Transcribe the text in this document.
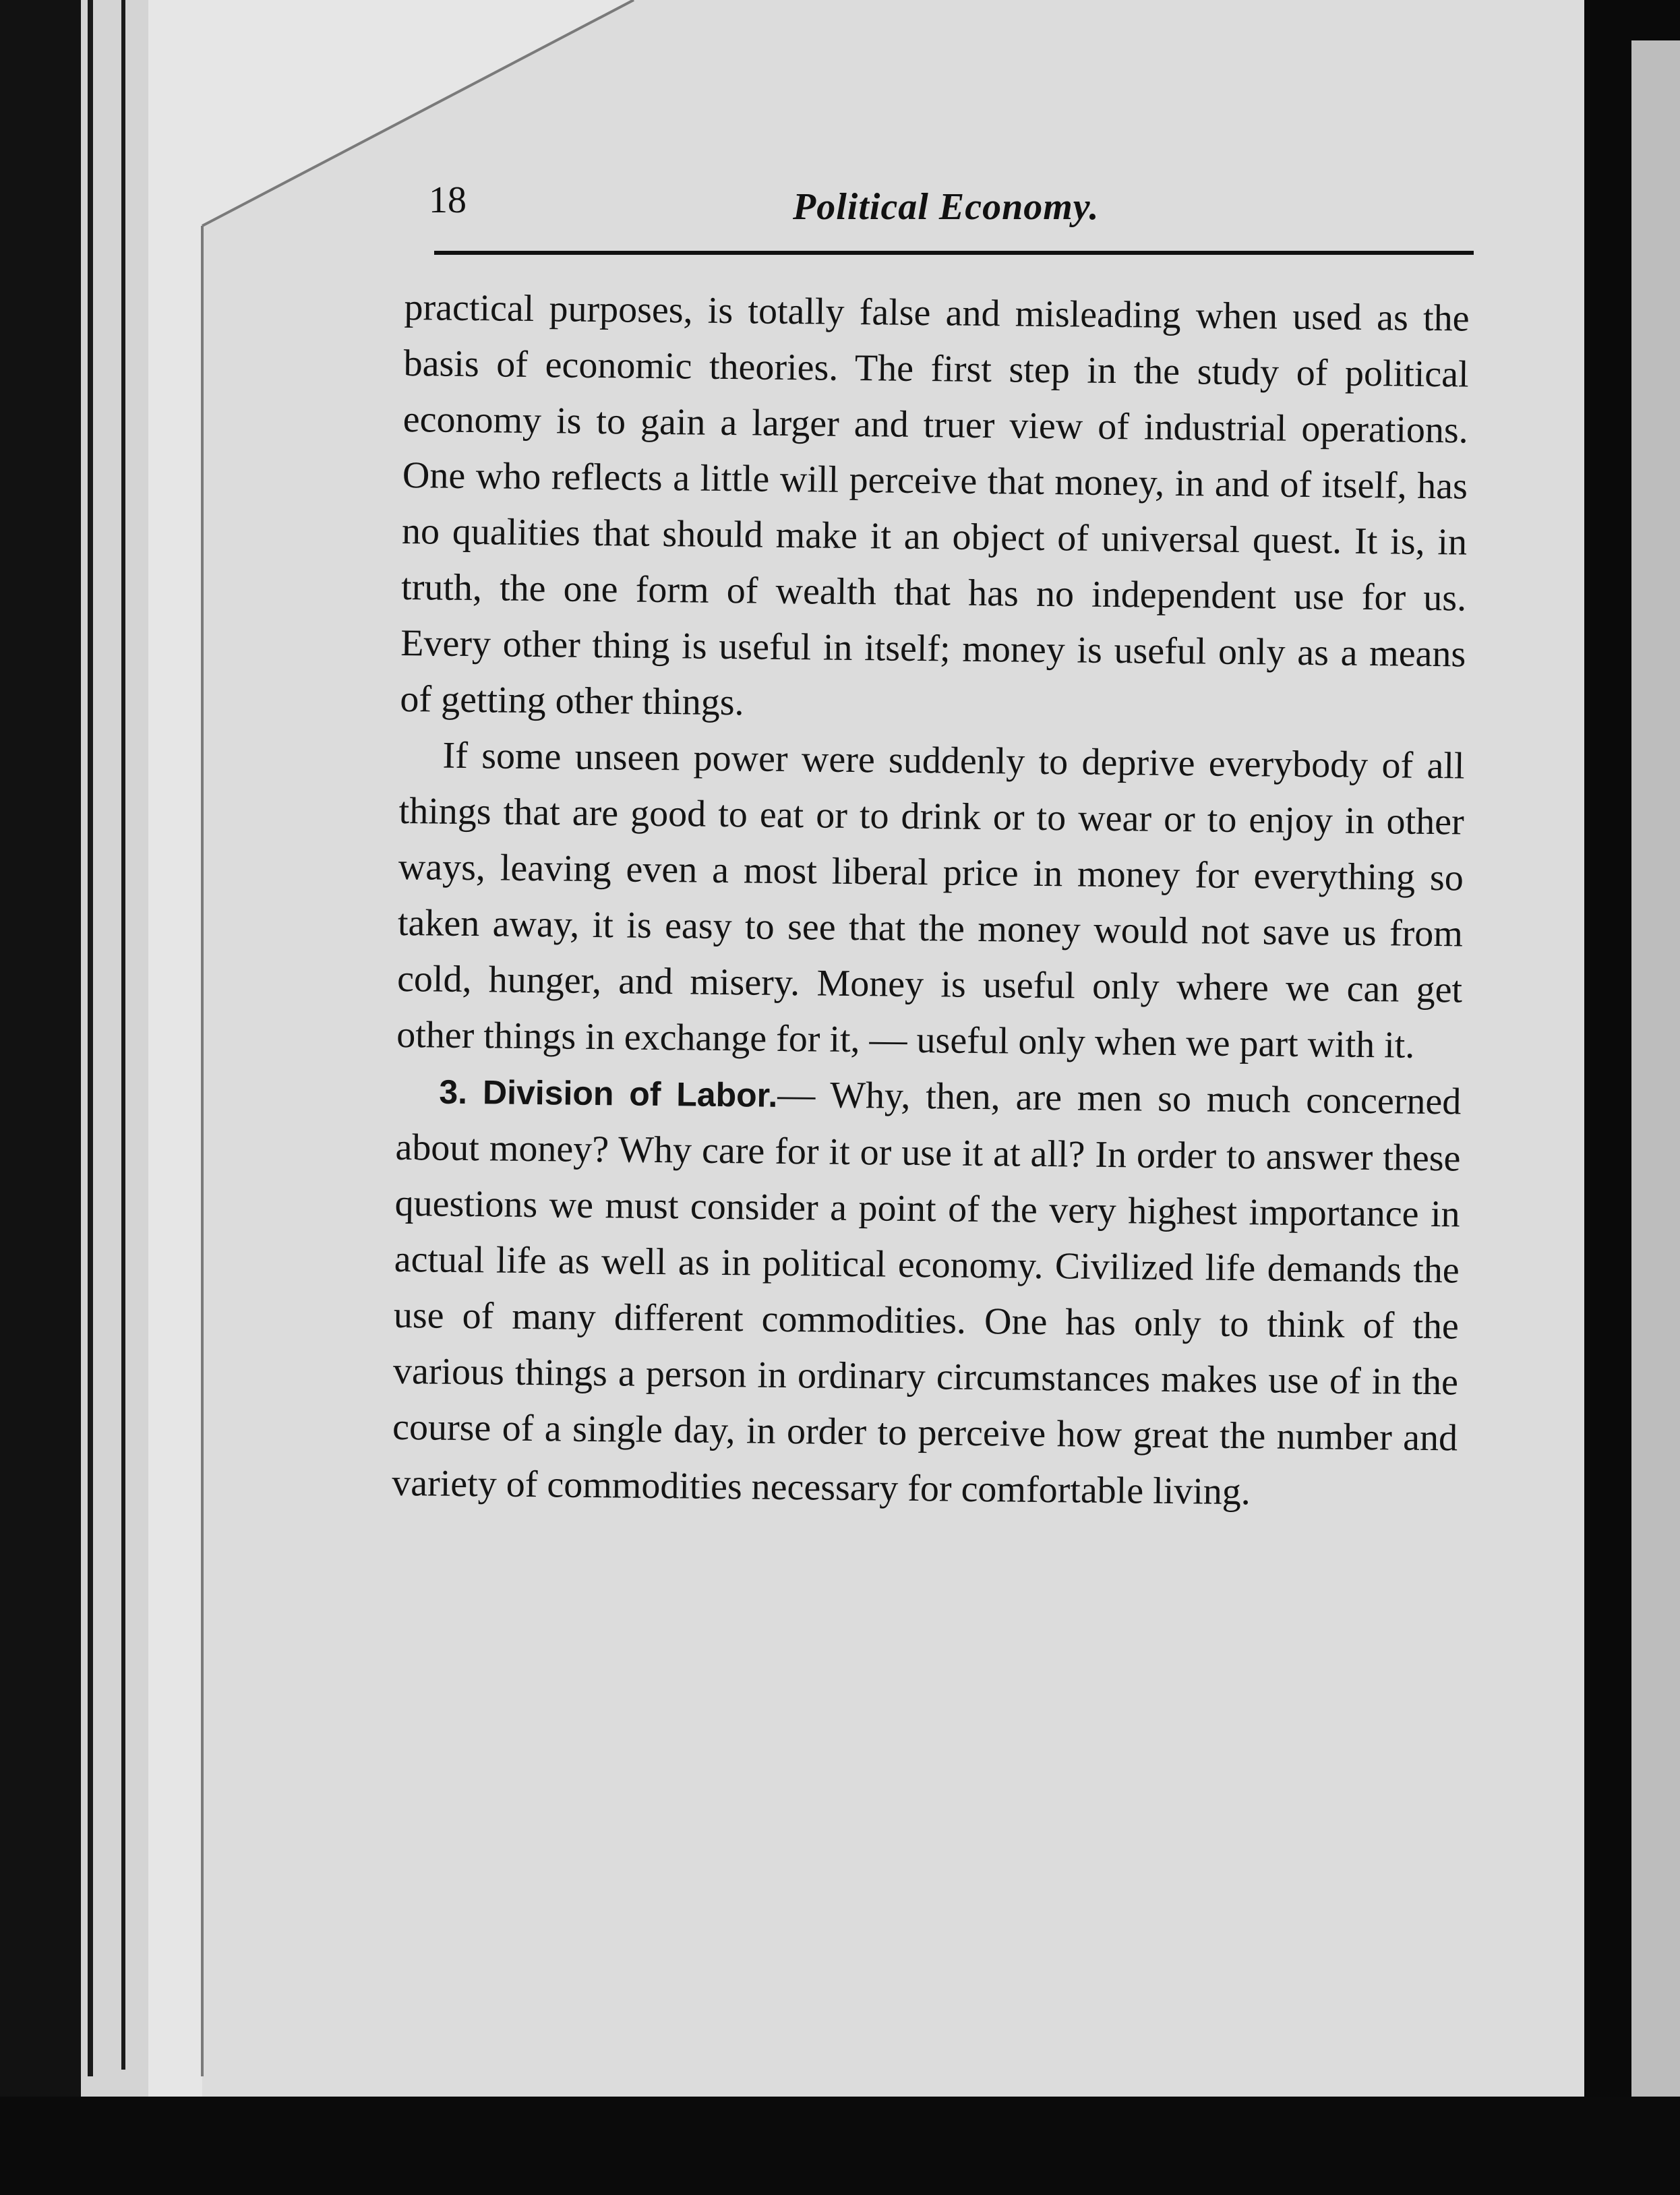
18	Political Economy.

practical purposes, is totally false and misleading when used as the basis of economic theories. The first step in the study of political economy is to gain a larger and truer view of industrial operations. One who reflects a little will perceive that money, in and of itself, has no qualities that should make it an object of universal quest. It is, in truth, the one form of wealth that has no independent use for us. Every other thing is useful in itself; money is useful only as a means of getting other things.

If some unseen power were suddenly to deprive everybody of all things that are good to eat or to drink or to wear or to enjoy in other ways, leaving even a most liberal price in money for everything so taken away, it is easy to see that the money would not save us from cold, hunger, and misery. Money is useful only where we can get other things in exchange for it, — useful only when we part with it.

3. Division of Labor.— Why, then, are men so much concerned about money? Why care for it or use it at all? In order to answer these questions we must consider a point of the very highest importance in actual life as well as in political economy. Civilized life demands the use of many different commodities. One has only to think of the various things a person in ordinary circumstances makes use of in the course of a single day, in order to perceive how great the number and variety of commodities necessary for comfortable living.
